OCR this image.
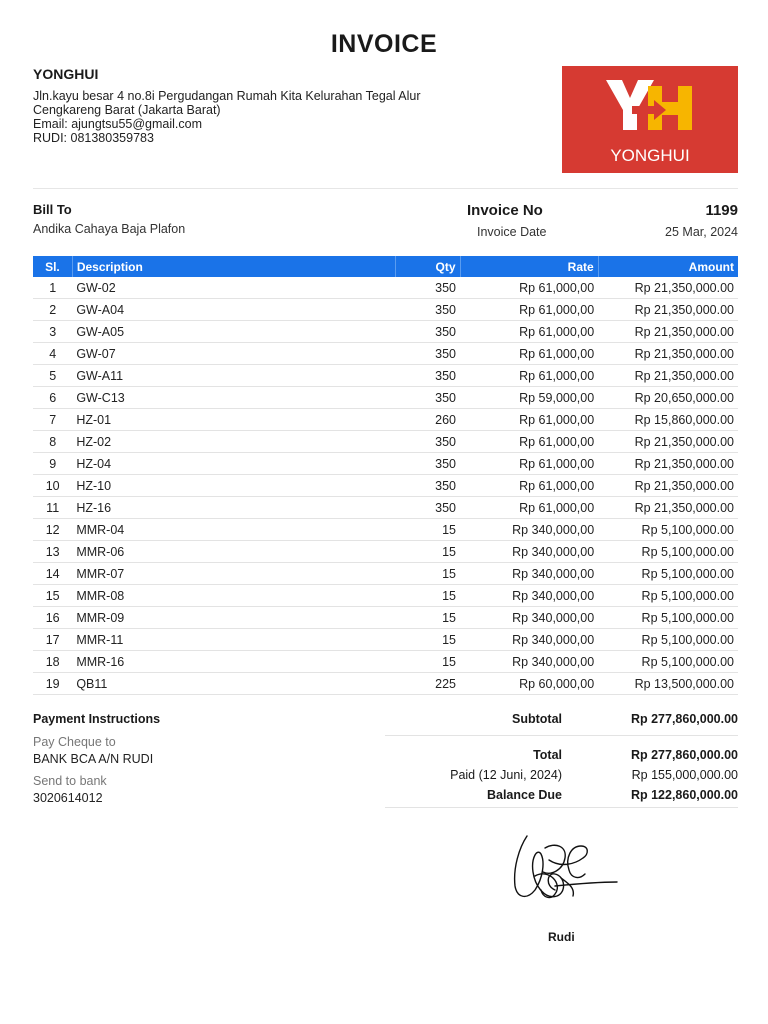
INVOICE
YONGHUI
Jln.kayu besar 4 no.8i Pergudangan Rumah Kita Kelurahan Tegal Alur
Cengkareng Barat (Jakarta Barat)
Email: ajungtsu55@gmail.com
RUDI: 081380359783
YONGHUI
Bill To
Andika Cahaya Baja Plafon
Invoice No	1199
Invoice Date	25 Mar, 2024
Sl.	Description	Qty	Rate	Amount
1	GW-02	350	Rp 61,000,00	Rp 21,350,000.00
2	GW-A04	350	Rp 61,000,00	Rp 21,350,000.00
3	GW-A05	350	Rp 61,000,00	Rp 21,350,000.00
4	GW-07	350	Rp 61,000,00	Rp 21,350,000.00
5	GW-A11	350	Rp 61,000,00	Rp 21,350,000.00
6	GW-C13	350	Rp 59,000,00	Rp 20,650,000.00
7	HZ-01	260	Rp 61,000,00	Rp 15,860,000.00
8	HZ-02	350	Rp 61,000,00	Rp 21,350,000.00
9	HZ-04	350	Rp 61,000,00	Rp 21,350,000.00
10	HZ-10	350	Rp 61,000,00	Rp 21,350,000.00
11	HZ-16	350	Rp 61,000,00	Rp 21,350,000.00
12	MMR-04	15	Rp 340,000,00	Rp 5,100,000.00
13	MMR-06	15	Rp 340,000,00	Rp 5,100,000.00
14	MMR-07	15	Rp 340,000,00	Rp 5,100,000.00
15	MMR-08	15	Rp 340,000,00	Rp 5,100,000.00
16	MMR-09	15	Rp 340,000,00	Rp 5,100,000.00
17	MMR-11	15	Rp 340,000,00	Rp 5,100,000.00
18	MMR-16	15	Rp 340,000,00	Rp 5,100,000.00
19	QB11	225	Rp 60,000,00	Rp 13,500,000.00
Payment Instructions
Pay Cheque to
BANK BCA A/N RUDI
Send to bank
3020614012
Subtotal	Rp 277,860,000.00
Total	Rp 277,860,000.00
Paid (12 Juni, 2024)	Rp 155,000,000.00
Balance Due	Rp 122,860,000.00
Rudi
